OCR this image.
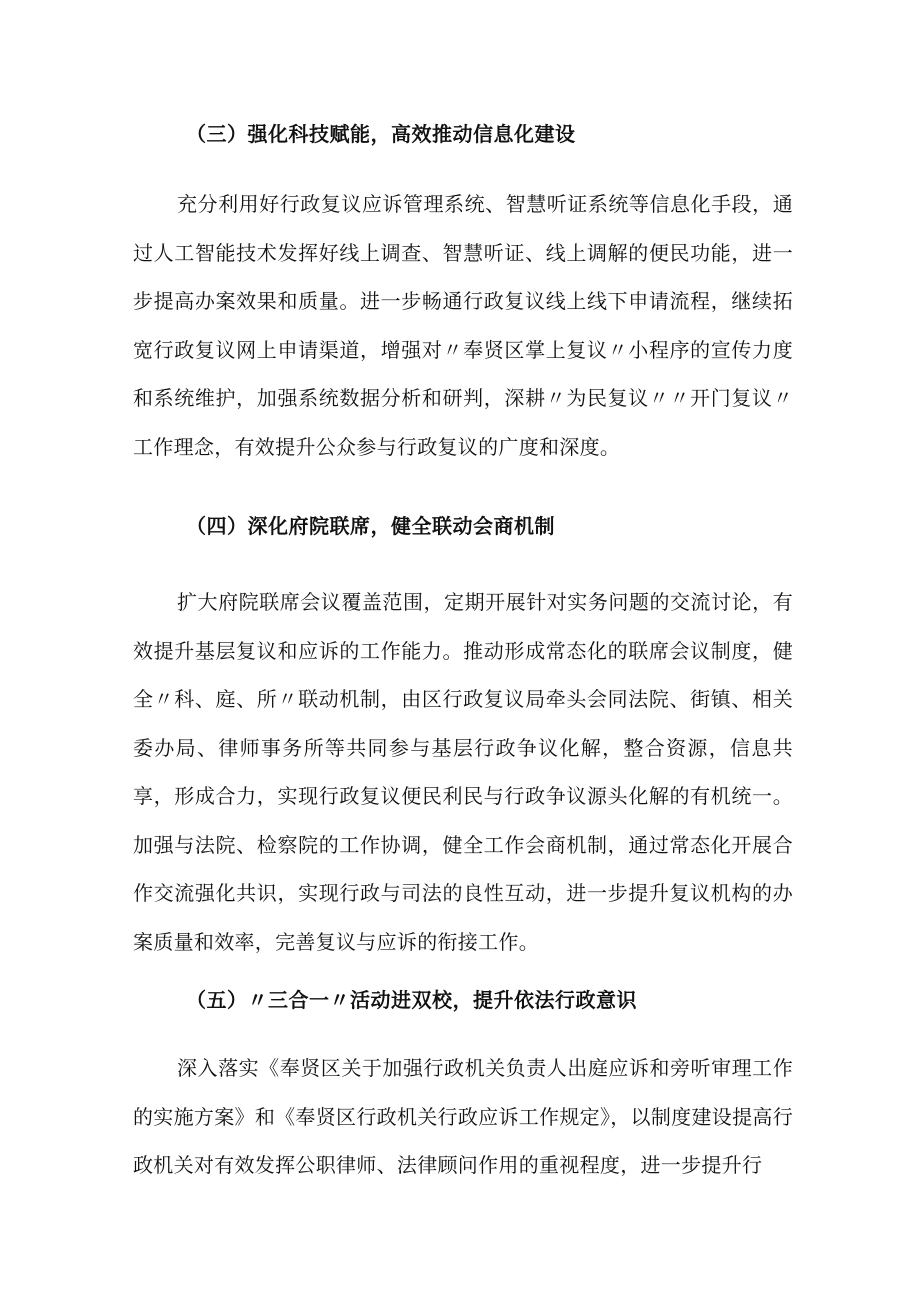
（三）强化科技赋能，高效推动信息化建设

充分利用好行政复议应诉管理系统、智慧听证系统等信息化手段，通过人工智能技术发挥好线上调查、智慧听证、线上调解的便民功能，进一步提高办案效果和质量。进一步畅通行政复议线上线下申请流程，继续拓宽行政复议网上申请渠道，增强对〃奉贤区掌上复议〃小程序的宣传力度和系统维护，加强系统数据分析和研判，深耕〃为民复议〃〃开门复议〃工作理念，有效提升公众参与行政复议的广度和深度。

（四）深化府院联席，健全联动会商机制

扩大府院联席会议覆盖范围，定期开展针对实务问题的交流讨论，有效提升基层复议和应诉的工作能力。推动形成常态化的联席会议制度，健全〃科、庭、所〃联动机制，由区行政复议局牵头会同法院、街镇、相关委办局、律师事务所等共同参与基层行政争议化解，整合资源，信息共享，形成合力，实现行政复议便民利民与行政争议源头化解的有机统一。加强与法院、检察院的工作协调，健全工作会商机制，通过常态化开展合作交流强化共识，实现行政与司法的良性互动，进一步提升复议机构的办案质量和效率，完善复议与应诉的衔接工作。

（五）〃三合一〃活动进双校，提升依法行政意识

深入落实《奉贤区关于加强行政机关负责人出庭应诉和旁听审理工作的实施方案》和《奉贤区行政机关行政应诉工作规定》，以制度建设提高行政机关对有效发挥公职律师、法律顾问作用的重视程度，进一步提升行
